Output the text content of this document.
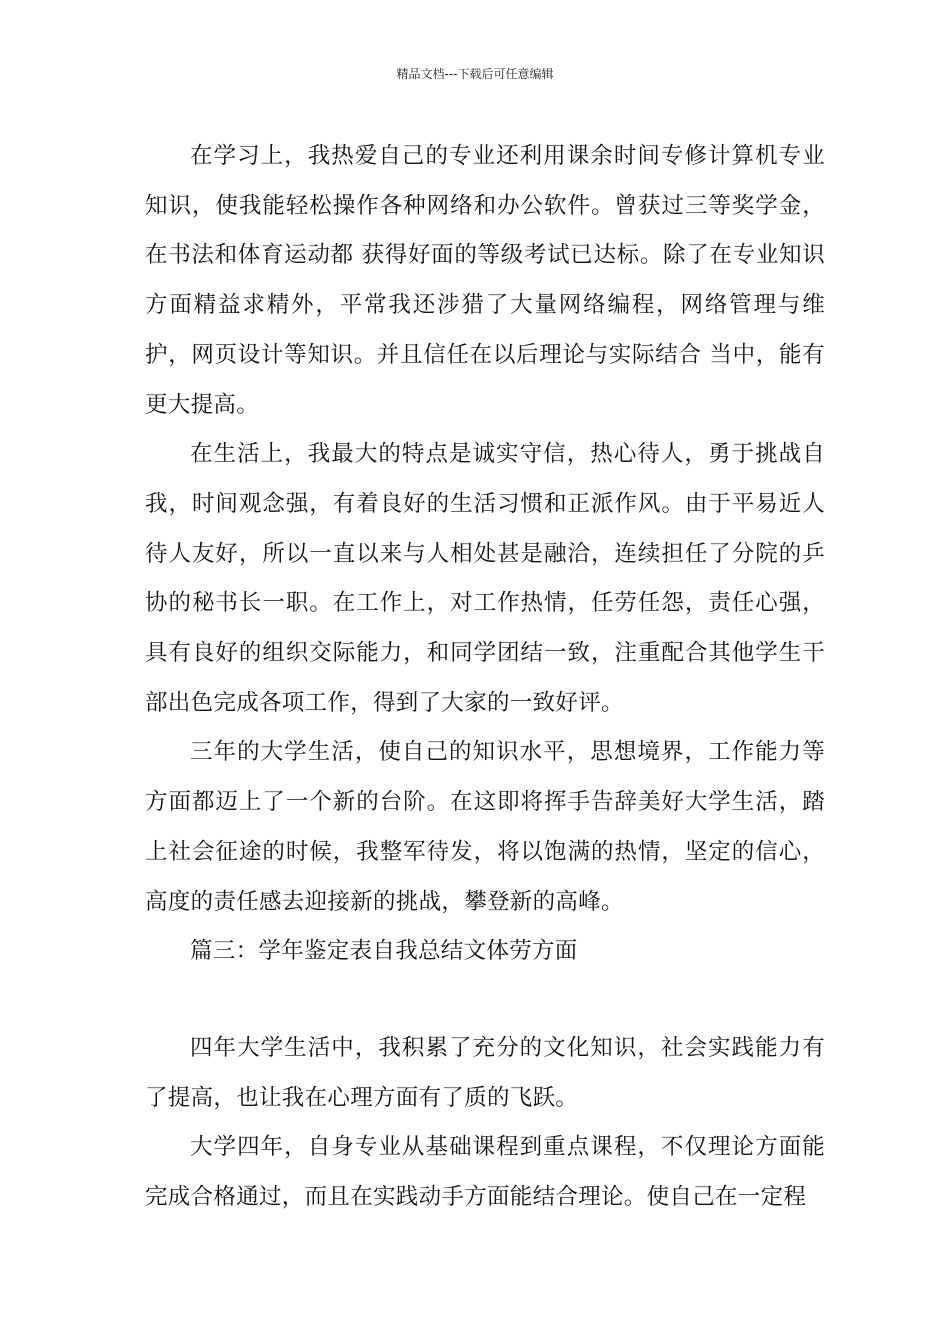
精品文档---下载后可任意编辑

在学习上，我热爱自己的专业还利用课余时间专修计算机专业知识，使我能轻松操作各种网络和办公软件。曾获过三等奖学金，在书法和体育运动都 获得好面的等级考试已达标。除了在专业知识方面精益求精外，平常我还涉猎了大量网络编程，网络管理与维护，网页设计等知识。并且信任在以后理论与实际结合 当中，能有更大提高。

在生活上，我最大的特点是诚实守信，热心待人，勇于挑战自我，时间观念强，有着良好的生活习惯和正派作风。由于平易近人待人友好，所以一直以来与人相处甚是融洽，连续担任了分院的乒协的秘书长一职。在工作上，对工作热情，任劳任怨，责任心强，具有良好的组织交际能力，和同学团结一致，注重配合其他学生干部出色完成各项工作，得到了大家的一致好评。

三年的大学生活，使自己的知识水平，思想境界，工作能力等方面都迈上了一个新的台阶。在这即将挥手告辞美好大学生活，踏上社会征途的时候，我整军待发，将以饱满的热情，坚定的信心，高度的责任感去迎接新的挑战，攀登新的高峰。

篇三：学年鉴定表自我总结文体劳方面

四年大学生活中，我积累了充分的文化知识，社会实践能力有了提高，也让我在心理方面有了质的飞跃。

大学四年，自身专业从基础课程到重点课程，不仅理论方面能完成合格通过，而且在实践动手方面能结合理论。使自己在一定程
